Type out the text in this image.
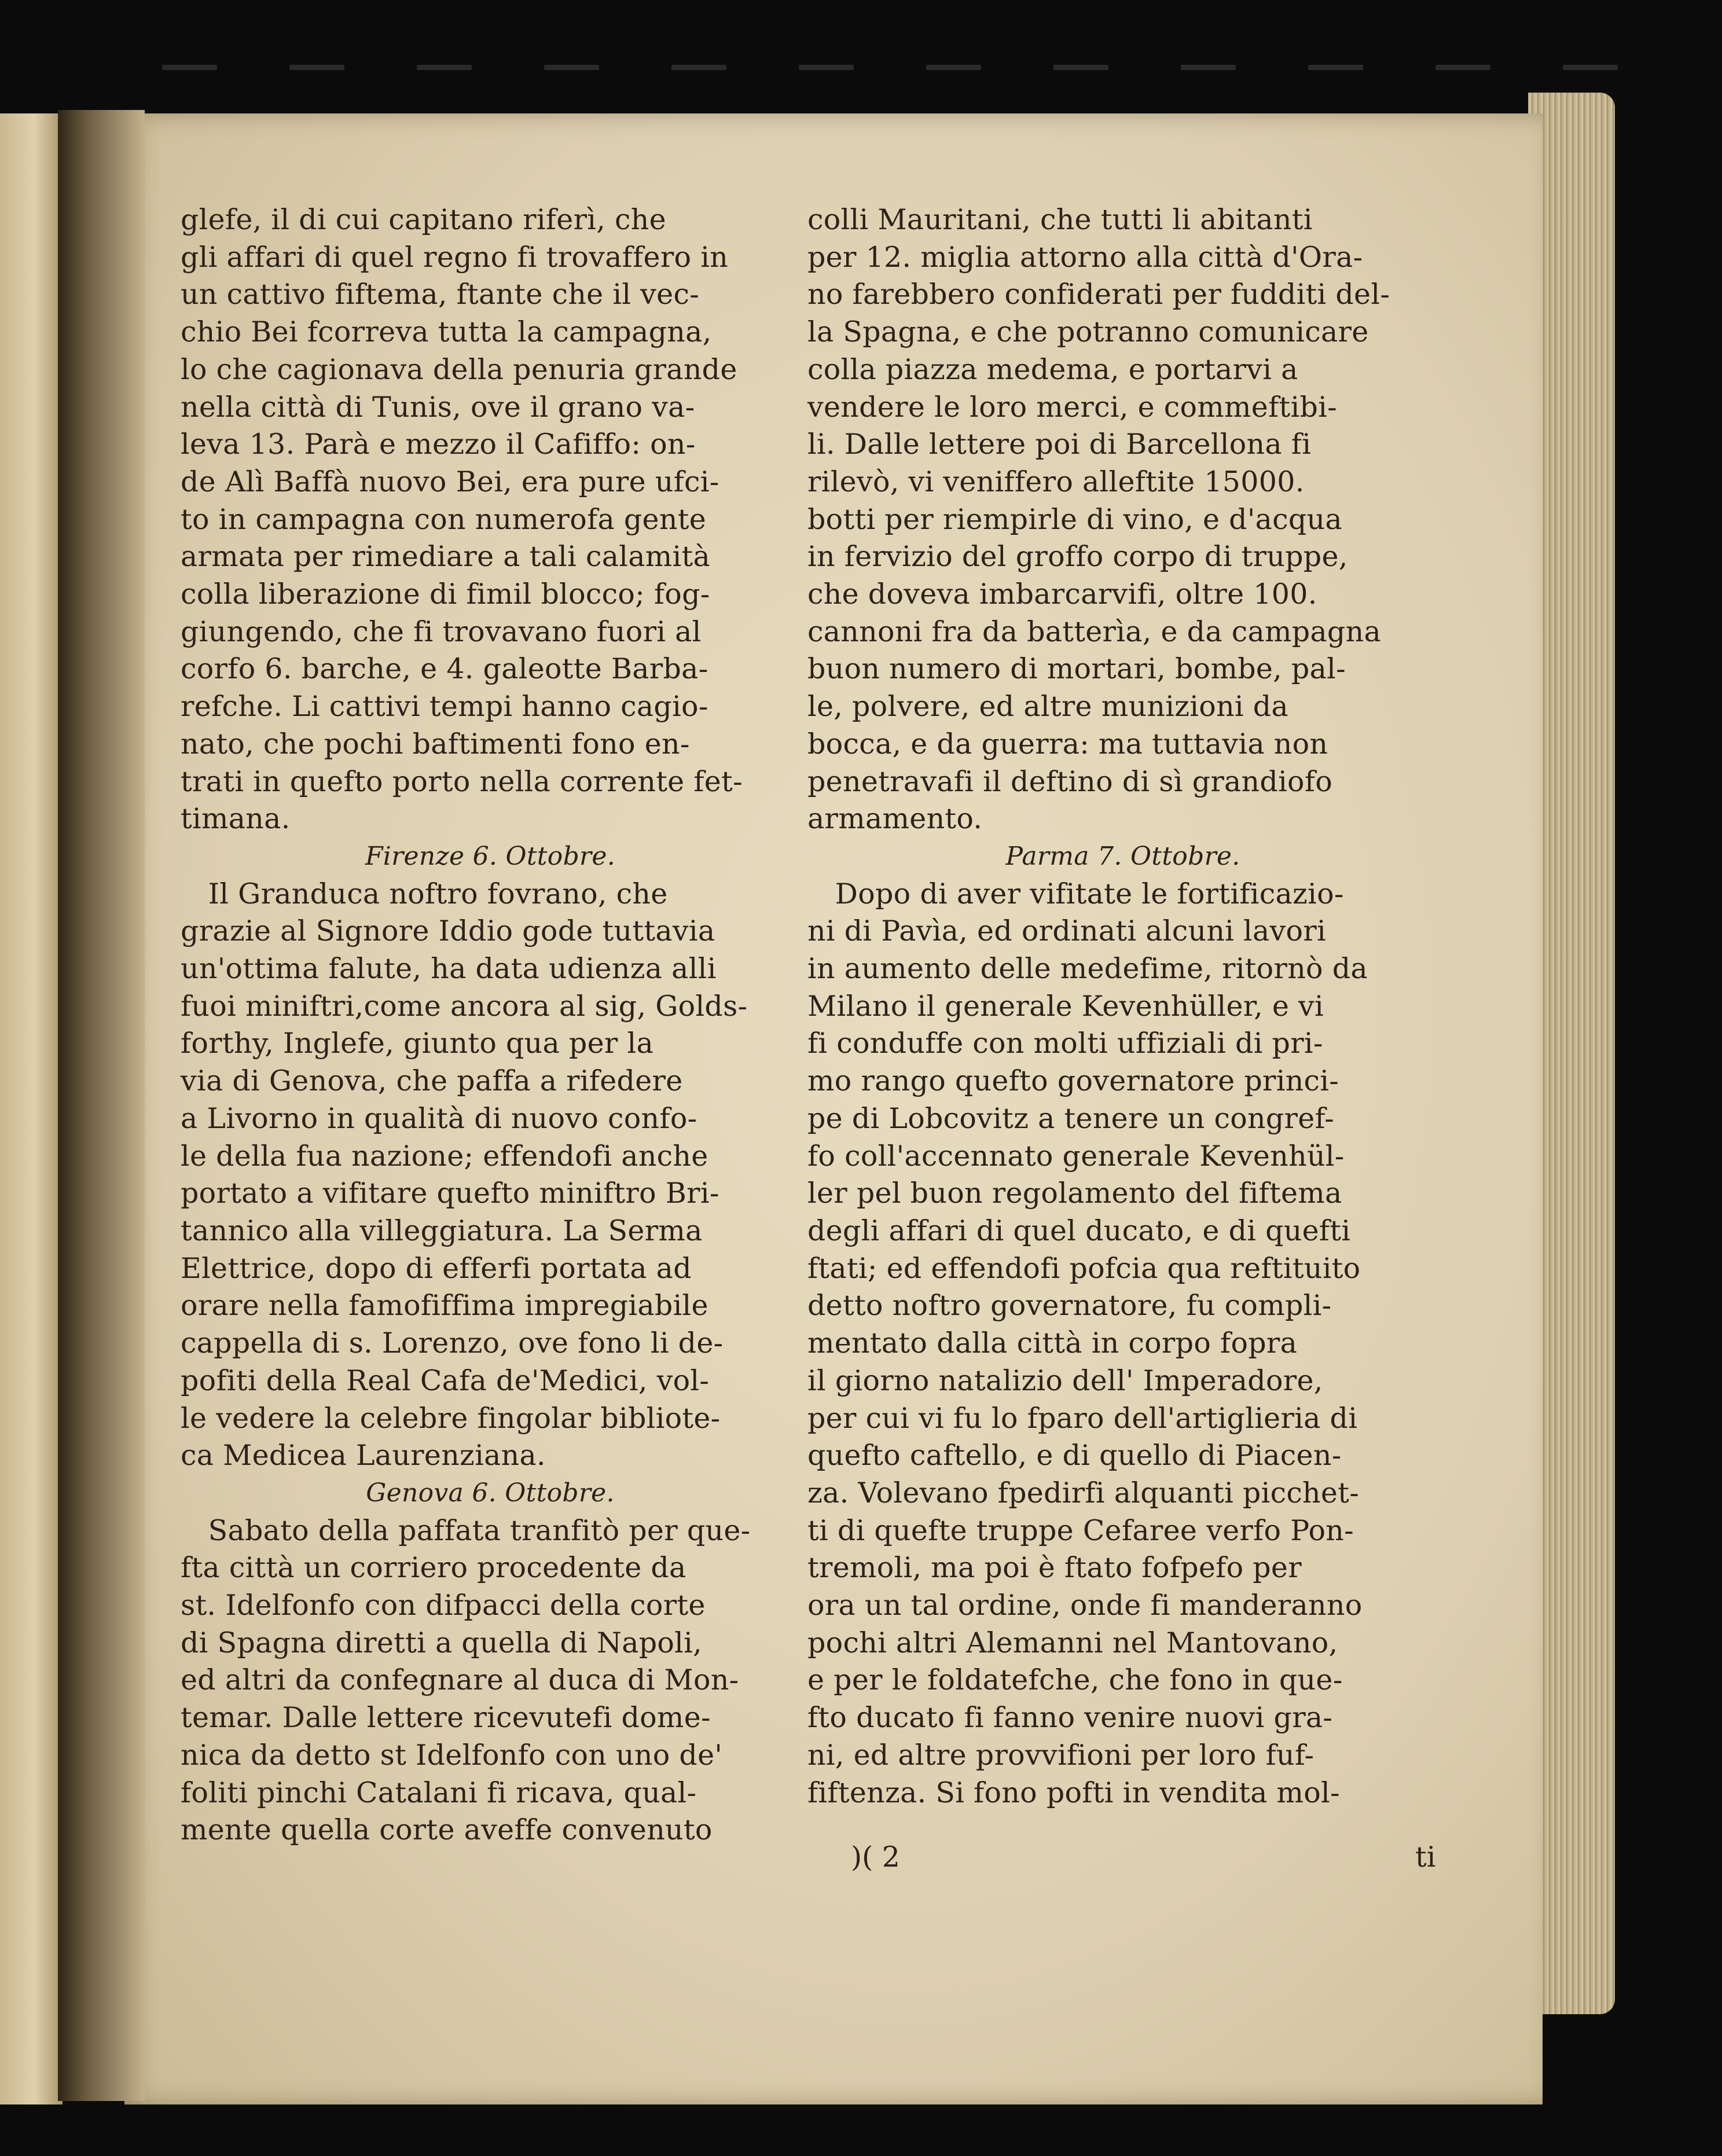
glefe, il di cui capitano riferì, che
gli affari di quel regno fi trovaffero in
un cattivo fiftema, ftante che il vec-
chio Bei fcorreva tutta la campagna,
lo che cagionava della penuria grande
nella città di Tunis, ove il grano va-
leva 13. Parà e mezzo il Cafiffo: on-
de Alì Baffà nuovo Bei, era pure ufci-
to in campagna con numerofa gente
armata per rimediare a tali calamità
colla liberazione di fimil blocco; fog-
giungendo, che fi trovavano fuori al
corfo 6. barche, e 4. galeotte Barba-
refche. Li cattivi tempi hanno cagio-
nato, che pochi baftimenti fono en-
trati in quefto porto nella corrente fet-
timana.
Firenze 6. Ottobre.
Il Granduca noftro fovrano, che
grazie al Signore Iddio gode tuttavia
un'ottima falute, ha data udienza alli
fuoi miniftri,come ancora al sig, Golds-
forthy, Inglefe, giunto qua per la
via di Genova, che paffa a rifedere
a Livorno in qualità di nuovo confo-
le della fua nazione; effendofi anche
portato a vifitare quefto miniftro Bri-
tannico alla villeggiatura. La Serma
Elettrice, dopo di efferfi portata ad
orare nella famofiffima impregiabile
cappella di s. Lorenzo, ove fono li de-
pofiti della Real Cafa de'Medici, vol-
le vedere la celebre fingolar bibliote-
ca Medicea Laurenziana.
Genova 6. Ottobre.
Sabato della paffata tranfitò per que-
fta città un corriero procedente da
st. Idelfonfo con difpacci della corte
di Spagna diretti a quella di Napoli,
ed altri da confegnare al duca di Mon-
temar. Dalle lettere ricevutefi dome-
nica da detto st Idelfonfo con uno de'
foliti pinchi Catalani fi ricava, qual-
mente quella corte aveffe convenuto
colli Mauritani, che tutti li abitanti
per 12. miglia attorno alla città d'Ora-
no farebbero confiderati per fudditi del-
la Spagna, e che potranno comunicare
colla piazza medema, e portarvi a
vendere le loro merci, e commeftibi-
li. Dalle lettere poi di Barcellona fi
rilevò, vi veniffero alleftite 15000.
botti per riempirle di vino, e d'acqua
in fervizio del groffo corpo di truppe,
che doveva imbarcarvifi, oltre 100.
cannoni fra da batterìa, e da campagna
buon numero di mortari, bombe, pal-
le, polvere, ed altre munizioni da
bocca, e da guerra: ma tuttavia non
penetravafi il deftino di sì grandiofo
armamento.
Parma 7. Ottobre.
Dopo di aver vifitate le fortificazio-
ni di Pavìa, ed ordinati alcuni lavori
in aumento delle medefime, ritornò da
Milano il generale Kevenhüller, e vi
fi conduffe con molti uffiziali di pri-
mo rango quefto governatore princi-
pe di Lobcovitz a tenere un congref-
fo coll'accennato generale Kevenhül-
ler pel buon regolamento del fiftema
degli affari di quel ducato, e di quefti
ftati; ed effendofi pofcia qua reftituito
detto noftro governatore, fu compli-
mentato dalla città in corpo fopra
il giorno natalizio dell' Imperadore,
per cui vi fu lo fparo dell'artiglieria di
quefto caftello, e di quello di Piacen-
za. Volevano fpedirfi alquanti picchet-
ti di quefte truppe Cefaree verfo Pon-
tremoli, ma poi è ftato fofpefo per
ora un tal ordine, onde fi manderanno
pochi altri Alemanni nel Mantovano,
e per le foldatefche, che fono in que-
fto ducato fi fanno venire nuovi gra-
ni, ed altre provvifioni per loro fuf-
fiftenza. Si fono pofti in vendita mol-
)( 2	ti
